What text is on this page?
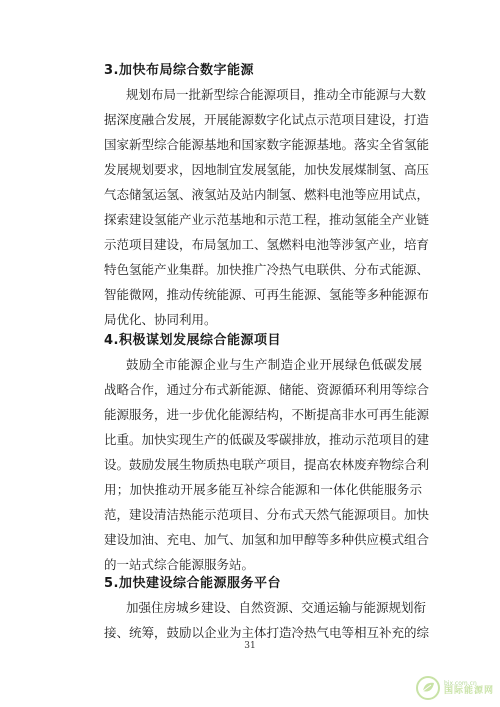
3.加快布局综合数字能源
规划布局一批新型综合能源项目，推动全市能源与大数
据深度融合发展，开展能源数字化试点示范项目建设，打造
国家新型综合能源基地和国家数字能源基地。落实全省氢能
发展规划要求，因地制宜发展氢能，加快发展煤制氢、高压
气态储氢运氢、液氢站及站内制氢、燃料电池等应用试点，
探索建设氢能产业示范基地和示范工程，推动氢能全产业链
示范项目建设，布局氢加工、氢燃料电池等涉氢产业，培育
特色氢能产业集群。加快推广冷热气电联供、分布式能源、
智能微网，推动传统能源、可再生能源、氢能等多种能源布
局优化、协同利用。
4.积极谋划发展综合能源项目
鼓励全市能源企业与生产制造企业开展绿色低碳发展
战略合作，通过分布式新能源、储能、资源循环利用等综合
能源服务，进一步优化能源结构，不断提高非水可再生能源
比重。加快实现生产的低碳及零碳排放，推动示范项目的建
设。鼓励发展生物质热电联产项目，提高农林废弃物综合利
用；加快推动开展多能互补综合能源和一体化供能服务示
范，建设清洁热能示范项目、分布式天然气能源项目。加快
建设加油、充电、加气、加氢和加甲醇等多种供应模式组合
的一站式综合能源服务站。
5.加快建设综合能源服务平台
加强住房城乡建设、自然资源、交通运输与能源规划衔
接、统筹，鼓励以企业为主体打造冷热气电等相互补充的综
31
bjx.com.cn
国际能源网
